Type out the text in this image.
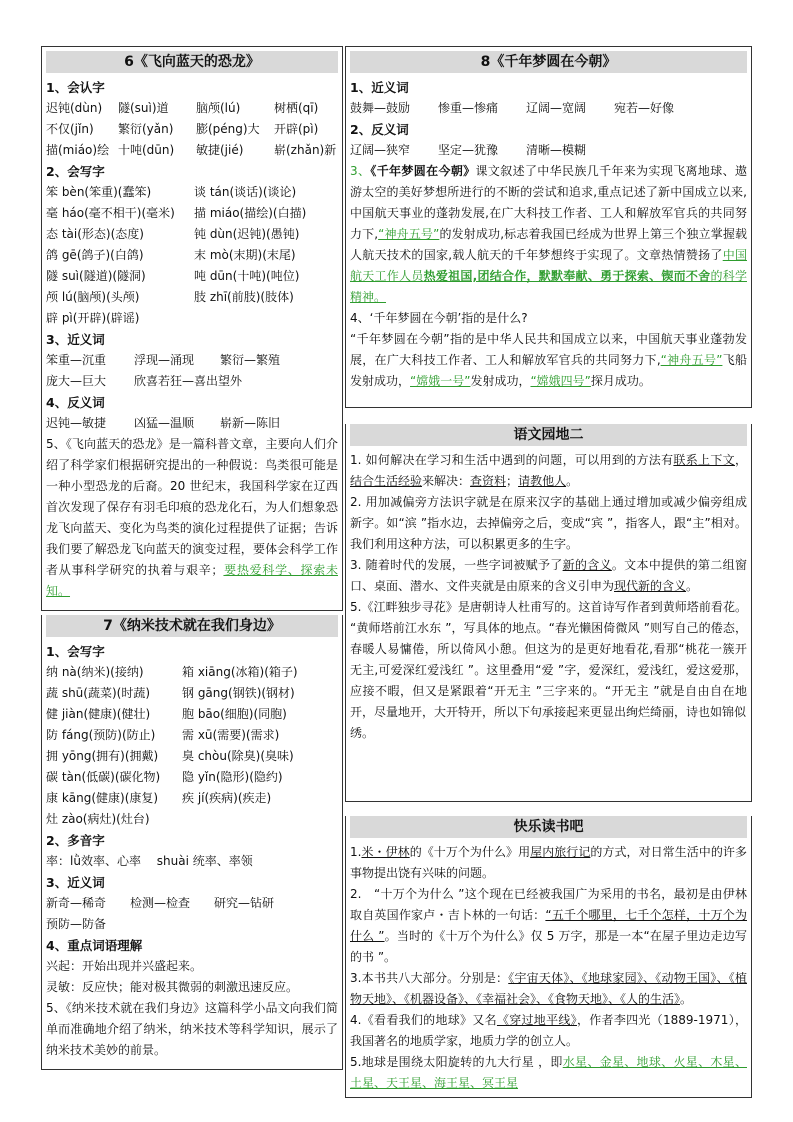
6《飞向蓝天的恐龙》
1、会认字
迟钝(dùn) 隧(suì)道 脑颅(lú)	树栖(qī)
不仅(jǐn) 繁衍(yǎn) 膨(péng)大 开辟(pì)
描(miáo)绘 十吨(dūn) 敏捷(jié)	崭(zhǎn)新
2、会写字
笨 bèn(笨重)(蠢笨)	谈 tán(谈话)(谈论)
毫 háo(毫不相干)(毫米) 描 miáo(描绘)(白描)
态 tài(形态)(态度)	钝 dùn(迟钝)(愚钝)
鸽 gē(鸽子)(白鸽)	末 mò(末期)(末尾)
隧 suì(隧道)(隧洞)	吨 dūn(十吨)(吨位)
颅 lú(脑颅)(头颅)	肢 zhī(前肢)(肢体)
辟 pì(开辟)(辟谣)
3、近义词
笨重—沉重 浮现—涌现 繁衍—繁殖
庞大—巨大 欣喜若狂—喜出望外
4、反义词
迟钝—敏捷 凶猛—温顺 崭新—陈旧
5、《飞向蓝天的恐龙》是一篇科普文章，主要向人们介绍了科学家们根据研究提出的一种假说：鸟类很可能是一种小型恐龙的后裔。20 世纪末，我国科学家在辽西首次发现了保存有羽毛印痕的恐龙化石，为人们想象恐龙飞向蓝天、变化为鸟类的演化过程提供了证据；告诉我们要了解恐龙飞向蓝天的演变过程，要体会科学工作者从事科学研究的执着与艰辛；要热爱科学、探索未知。
7《纳米技术就在我们身边》
1、会写字
纳 nà(纳米)(接纳)	箱 xiāng(冰箱)(箱子)
蔬 shū(蔬菜)(时蔬)	钢 gāng(钢铁)(钢材)
健 jiàn(健康)(健壮)	胞 bāo(细胞)(同胞)
防 fáng(预防)(防止) 需 xū(需要)(需求)
拥 yōng(拥有)(拥戴) 臭 chòu(除臭)(臭味)
碳 tàn(低碳)(碳化物) 隐 yǐn(隐形)(隐约)
康 kāng(健康)(康复) 疾 jí(疾病)(疾走)
灶 zào(病灶)(灶台)
2、多音字
率：lǜ效率、心率　 shuài 统率、率领
3、近义词
新奇—稀奇　　检测—检查　　研究—钻研
预防—防备
4、重点词语理解
兴起：开始出现并兴盛起来。
灵敏：反应快；能对极其微弱的刺激迅速反应。
5、《纳米技术就在我们身边》这篇科学小品文向我们简单而准确地介绍了纳米，纳米技术等科学知识，展示了纳米技术美妙的前景。
8《千年梦圆在今朝》
1、近义词
鼓舞—鼓励 惨重—惨痛 辽阔—宽阔 宛若—好像
2、反义词
辽阔—狭窄 坚定—犹豫 清晰—模糊
3、《千年梦圆在今朝》课文叙述了中华民族几千年来为实现飞离地球、遨游太空的美好梦想所进行的不断的尝试和追求,重点记述了新中国成立以来,中国航天事业的蓬勃发展,在广大科技工作者、工人和解放军官兵的共同努力下,“神舟五号”的发射成功,标志着我国已经成为世界上第三个独立掌握载人航天技术的国家,载人航天的千年梦想终于实现了。文章热情赞扬了中国航天工作人员热爱祖国,团结合作，默默奉献、勇于探索、锲而不舍的科学精神。
4、‘千年梦圆在今朝’指的是什么?
“千年梦圆在今朝”指的是中华人民共和国成立以来，中国航天事业蓬勃发展，在广大科技工作者、工人和解放军官兵的共同努力下,“神舟五号”飞船发射成功，“嫦娥一号”发射成功，“嫦娥四号”探月成功。
语文园地二
1. 如何解决在学习和生活中遇到的问题，可以用到的方法有联系上下文，结合生活经验来解决：查资料；请教他人。
2. 用加减偏旁方法识字就是在原来汉字的基础上通过增加或减少偏旁组成 新字。如“滨 ”指水边，去掉偏旁之后，变成“宾 ”，指客人，跟“主”相对。我们利用这种方法，可以积累更多的生字。
3. 随着时代的发展，一些字词被赋予了新的含义。文本中提供的第二组窗口、桌面、潜水、文件夹就是由原来的含义引申为现代新的含义。
5.《江畔独步寻花》是唐朝诗人杜甫写的。这首诗写作者到黄师塔前看花。 “黄师塔前江水东 ”，写具体的地点。“春光懒困倚微风 ”则写自己的倦态， 春暖人易慵倦，所以倚风小憩。但这为的是更好地看花,看那“桃花一簇开 无主,可爱深红爱浅红 ”。这里叠用“爱 ”字，爱深红，爱浅红，爱这爱那， 应接不暇，但又是紧跟着“开无主 ”三字来的。“开无主 ”就是自由自在地 开，尽量地开，大开特开，所以下句承接起来更显出绚烂绮丽，诗也如锦似
绣。
快乐读书吧
1.米・伊林的《十万个为什么》用屋内旅行记的方式，对日常生活中的许多事物提出饶有兴味的问题。
2.　“十万个为什么 ”这个现在已经被我国广为采用的书名，最初是由伊林 取自英国作家卢・吉卜林的一句话：“五千个哪里，七千个怎样，十万个为什么 ”。当时的《十万个为什么》仅 5 万字，那是一本“在屋子里边走边写的书 ”。
3.本书共八大部分。分别是：《宇宙天体》、《地球家园》、《动物王国》、《植物天地》、《机器设备》、《幸福社会》、《食物天地》、《人的生活》。
4.《看看我们的地球》又名《穿过地平线》，作者李四光（1889-1971），我国著名的地质学家，地质力学的创立人。
5.地球是围绕太阳旋转的九大行星 ，即水星、金星、地球、火星、木星、土星、天王星、海王星、冥王星
